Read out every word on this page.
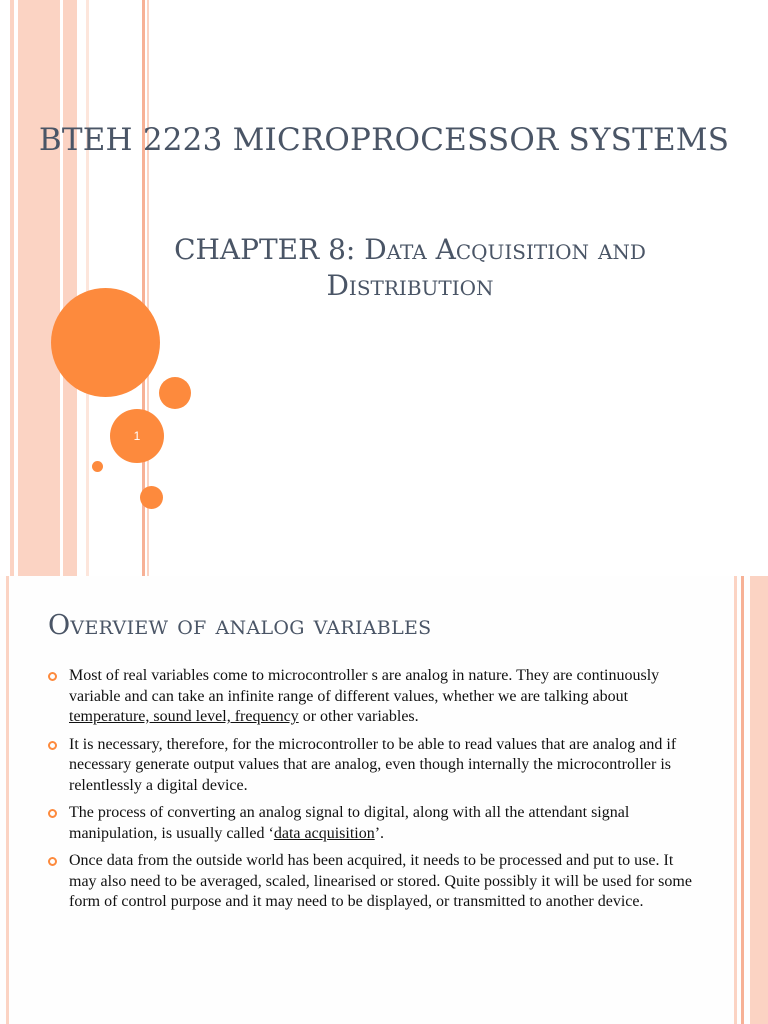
1
BTEH 2223 MICROPROCESSOR SYSTEMS
CHAPTER 8: Data Acquisition and
Distribution
Overview of analog variables
Most of real variables come to microcontroller s are analog in nature. They are continuously variable and can take an infinite range of different values, whether we are talking about temperature, sound level, frequency or other variables.
It is necessary, therefore, for the microcontroller to be able to read values that are analog and if necessary generate output values that are analog, even though internally the microcontroller is relentlessly a digital device.
The process of converting an analog signal to digital, along with all the attendant signal manipulation, is usually called ‘data acquisition’.
Once data from the outside world has been acquired, it needs to be processed and put to use. It may also need to be averaged, scaled, linearised or stored. Quite possibly it will be used for some form of control purpose and it may need to be displayed, or transmitted to another device.
